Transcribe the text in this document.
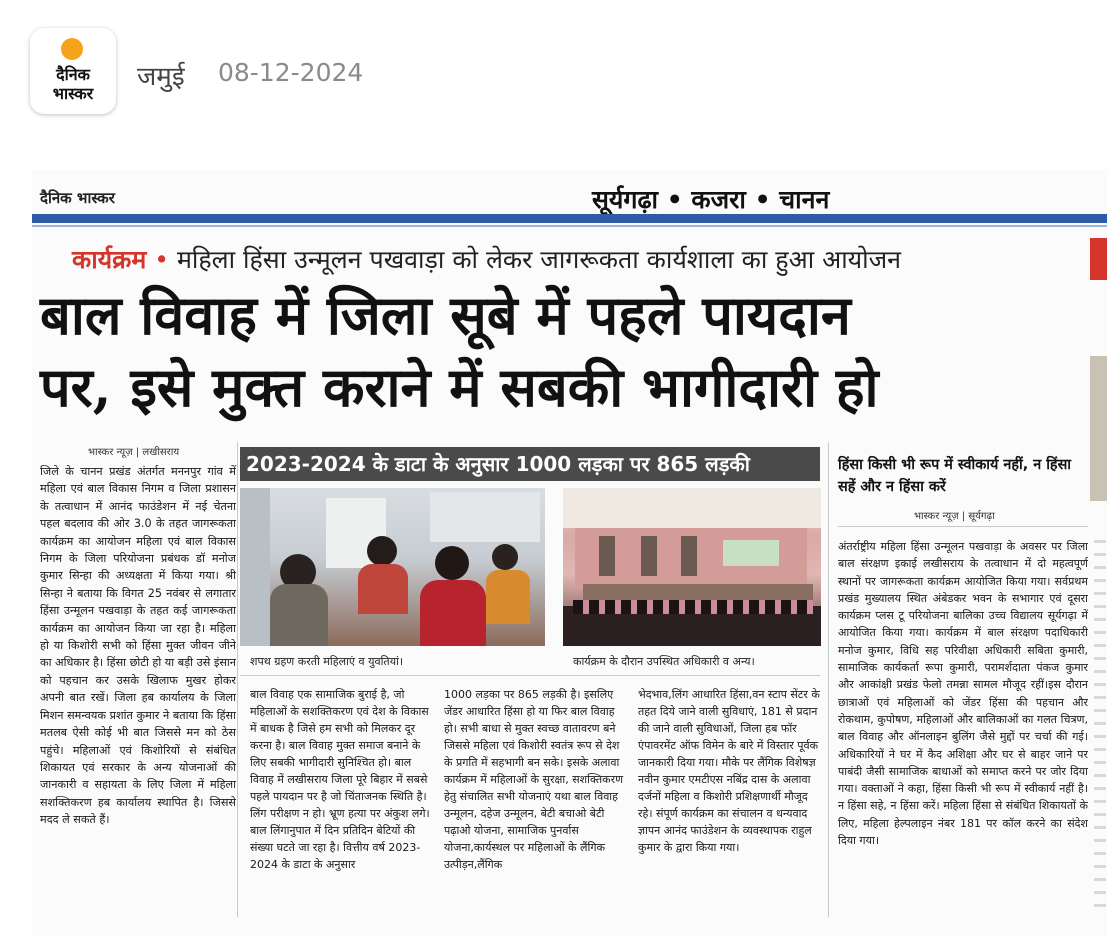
दैनिक
भास्कर
जमुई 08-12-2024
दैनिक भास्कर	सूर्यगढ़ा • कजरा • चानन
कार्यक्रम • महिला हिंसा उन्मूलन पखवाड़ा को लेकर जागरूकता कार्यशाला का हुआ आयोजन
बाल विवाह में जिला सूबे में पहले पायदान
पर, इसे मुक्त कराने में सबकी भागीदारी हो
भास्कर न्यूज़ | लखीसराय
जिले के चानन प्रखंड अंतर्गत मननपुर गांव में महिला एवं बाल विकास निगम व जिला प्रशासन के तत्वाधान में आनंद फाउंडेशन में नई चेतना पहल बदलाव की ओर 3.0 के तहत जागरूकता कार्यक्रम का आयोजन महिला एवं बाल विकास निगम के जिला परियोजना प्रबंधक डॉ मनोज कुमार सिन्हा की अध्यक्षता में किया गया। श्री सिन्हा ने बताया कि विगत 25 नवंबर से लगातार हिंसा उन्मूलन पखवाड़ा के तहत कई जागरूकता कार्यक्रम का आयोजन किया जा रहा है। महिला हो या किशोरी सभी को हिंसा मुक्त जीवन जीने का अधिकार है। हिंसा छोटी हो या बड़ी उसे इंसान को पहचान कर उसके खिलाफ मुखर होकर अपनी बात रखें। जिला हब कार्यालय के जिला मिशन समन्वयक प्रशांत कुमार ने बताया कि हिंसा मतलब ऐसी कोई भी बात जिससे मन को ठेस पहुंचे। महिलाओं एवं किशोरियों से संबंधित शिकायत एवं सरकार के अन्य योजनाओं की जानकारी व सहायता के लिए जिला में महिला सशक्तिकरण हब कार्यालय स्थापित है। जिससे मदद ले सकते हैं।
2023-2024 के डाटा के अनुसार 1000 लड़का पर 865 लड़की
शपथ ग्रहण करती महिलाएं व युवतियां।	कार्यक्रम के दौरान उपस्थित अधिकारी व अन्य।
बाल विवाह एक सामाजिक बुराई है, जो महिलाओं के सशक्तिकरण एवं देश के विकास में बाधक है जिसे हम सभी को मिलकर दूर करना है। बाल विवाह मुक्त समाज बनाने के लिए सबकी भागीदारी सुनिश्चित हो। बाल विवाह में लखीसराय जिला पूरे बिहार में सबसे पहले पायदान पर है जो चिंताजनक स्थिति है। लिंग परीक्षण न हो। भ्रूण हत्या पर अंकुश लगे। बाल लिंगानुपात में दिन प्रतिदिन बेटियों की संख्या घटते जा रहा है। वित्तीय वर्ष 2023-2024 के डाटा के अनुसार
1000 लड़का पर 865 लड़की है। इसलिए जेंडर आधारित हिंसा हो या फिर बाल विवाह हो। सभी बाधा से मुक्त स्वच्छ वातावरण बने जिससे महिला एवं किशोरी स्वतंत्र रूप से देश के प्रगति में सहभागी बन सके। इसके अलावा कार्यक्रम में महिलाओं के सुरक्षा, सशक्तिकरण हेतु संचालित सभी योजनाएं यथा बाल विवाह उन्मूलन, दहेज उन्मूलन, बेटी बचाओ बेटी पढ़ाओ योजना, सामाजिक पुनर्वास योजना,कार्यस्थल पर महिलाओं के लैंगिक उत्पीड़न,लैंगिक
भेदभाव,लिंग आधारित हिंसा,वन स्टाप सेंटर के तहत दिये जाने वाली सुविधाएं, 181 से प्रदान की जाने वाली सुविधाओं, जिला हब फॉर एंपावरमेंट ऑफ विमेन के बारे में विस्तार पूर्वक जानकारी दिया गया। मौके पर लैंगिक विशेषज्ञ नवीन कुमार एमटीएस नबिंद्र दास के अलावा दर्जनों महिला व किशोरी प्रशिक्षणार्थी मौजूद रहे। संपूर्ण कार्यक्रम का संचालन व धन्यवाद ज्ञापन आनंद फाउंडेशन के व्यवस्थापक राहुल कुमार के द्वारा किया गया।
हिंसा किसी भी रूप में स्वीकार्य नहीं, न हिंसा सहें और न हिंसा करें
भास्कर न्यूज़ | सूर्यगढ़ा
अंतर्राष्ट्रीय महिला हिंसा उन्मूलन पखवाड़ा के अवसर पर जिला बाल संरक्षण इकाई लखीसराय के तत्वाधान में दो महत्वपूर्ण स्थानों पर जागरूकता कार्यक्रम आयोजित किया गया। सर्वप्रथम प्रखंड मुख्यालय स्थित अंबेडकर भवन के सभागार एवं दूसरा कार्यक्रम प्लस टू परियोजना बालिका उच्च विद्यालय सूर्यगढ़ा में आयोजित किया गया। कार्यक्रम में बाल संरक्षण पदाधिकारी मनोज कुमार, विधि सह परिवीक्षा अधिकारी सबिता कुमारी, सामाजिक कार्यकर्ता रूपा कुमारी, परामर्शदाता पंकज कुमार और आकांक्षी प्रखंड फेलो तमन्ना सामल मौजूद रहीं।इस दौरान छात्राओं एवं महिलाओं को जेंडर हिंसा की पहचान और रोकथाम, कुपोषण, महिलाओं और बालिकाओं का गलत चित्रण, बाल विवाह और ऑनलाइन बुलिंग जैसे मुद्दों पर चर्चा की गई। अधिकारियों ने घर में कैद अशिक्षा और घर से बाहर जाने पर पाबंदी जैसी सामाजिक बाधाओं को समाप्त करने पर जोर दिया गया। वक्ताओं ने कहा, हिंसा किसी भी रूप में स्वीकार्य नहीं है। न हिंसा सहे, न हिंसा करें। महिला हिंसा से संबंधित शिकायतों के लिए, महिला हेल्पलाइन नंबर 181 पर कॉल करने का संदेश दिया गया।
